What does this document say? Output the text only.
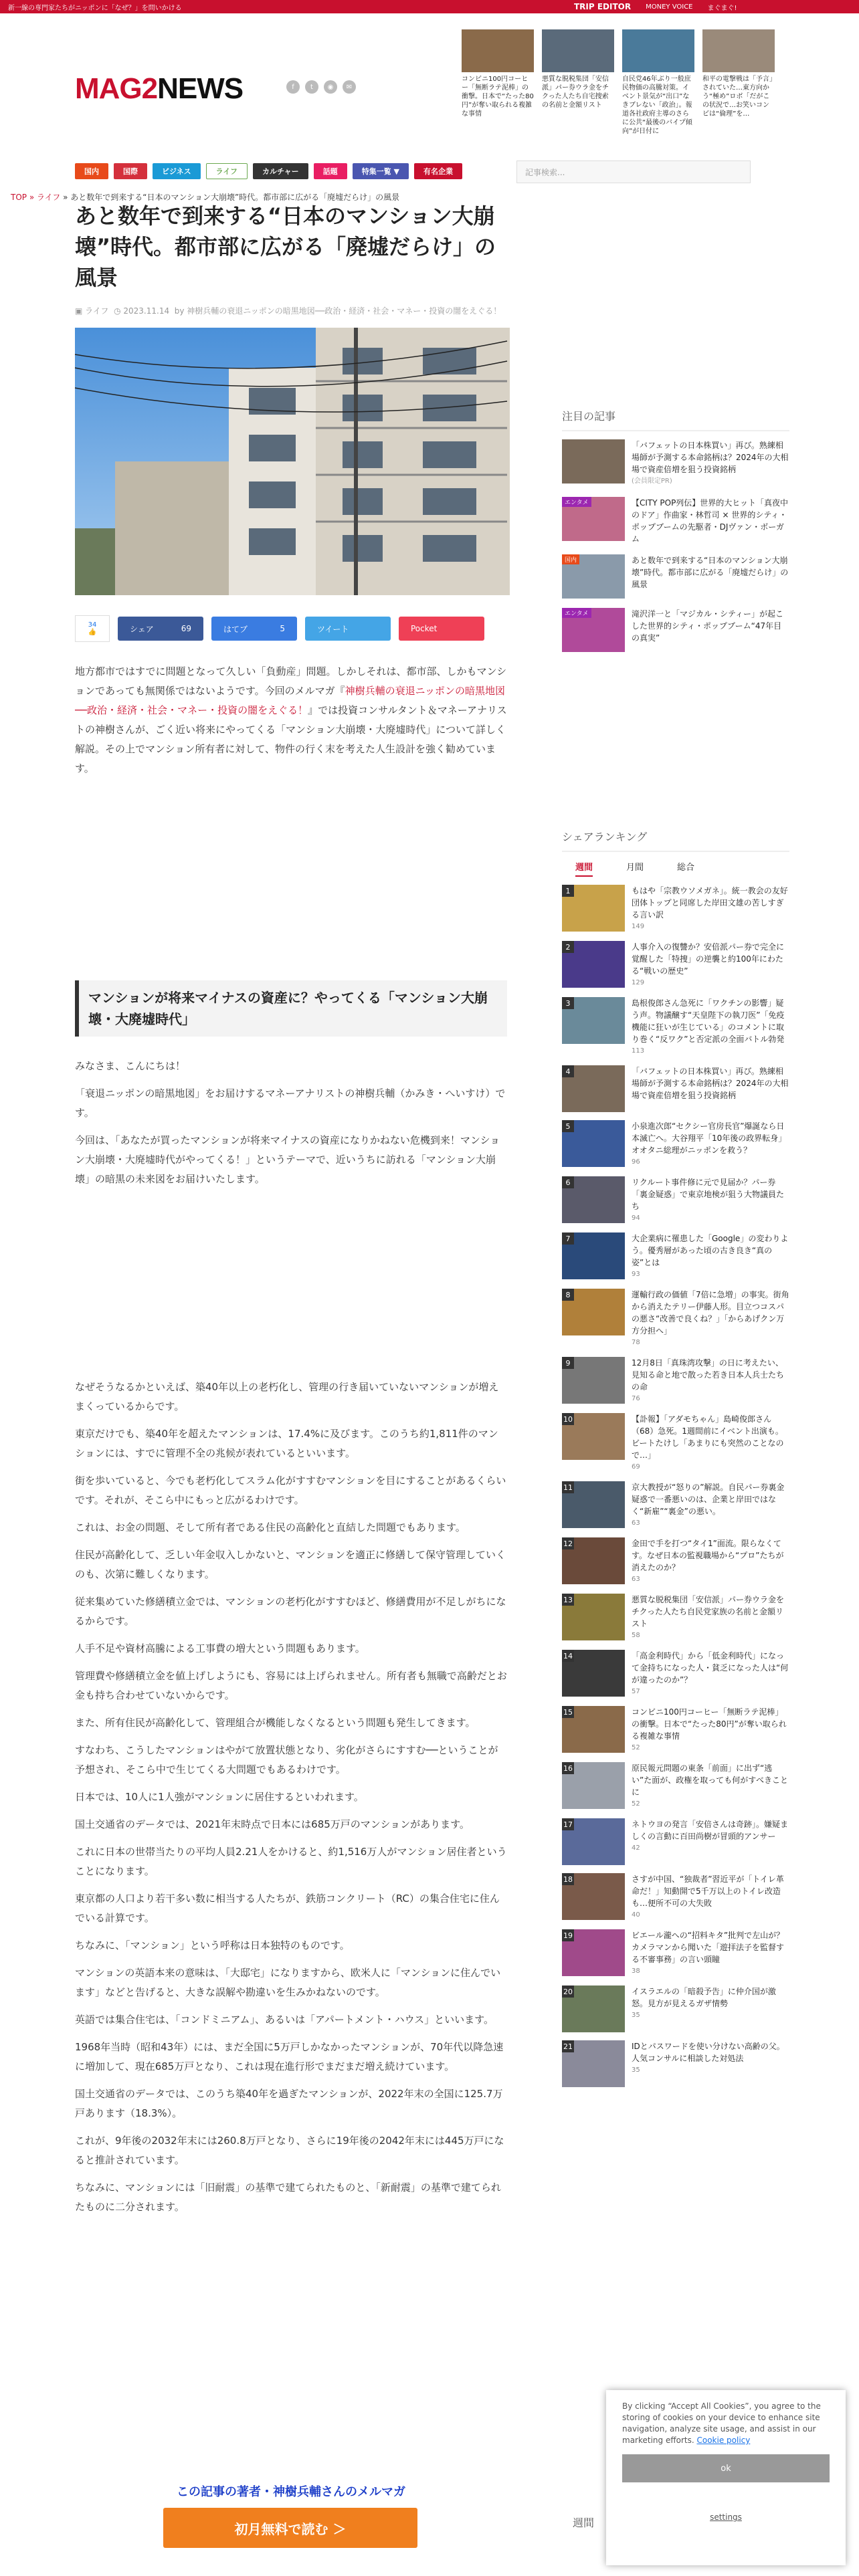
新一線の専門家たちがニッポンに「なぜ？」を問いかける	TRIP EDITOR MONEY VOICE まぐまぐ!
MAG2NEWS	f	t	◉	✉
コンビニ100円コーヒー「無断ラテ泥棒」の衝撃。日本で“たった80円”が奪い取られる複雑な事情
悪質な脱税集団「安信派」パー券ウラ金をチクった人たち自宅捜索の名前と金額リスト
自民党46年ぶり一般庶民物価の高騰対策。イベント景気が“出口”なきブレない「政治」。報道各社政府主導のさらに公共“最後のバイプ傾向”が日付に
和平の電撃戦は「予言」されていた…東方向かう“極め”ロボ「だがこの状況で…お笑いコンビは“倫理”を…
国内	国際	ビジネス	ライフ	カルチャー	話題	特集一覧 ▼	有名企業	記事検索...
TOP » ライフ » あと数年で到来する“日本のマンション大崩壊”時代。都市部に広がる「廃墟だらけ」の風景
あと数年で到来する“日本のマンション大崩壊”時代。都市部に広がる「廃墟だらけ」の風景
▣ ライフ ◷ 2023.11.14 by 神樹兵輔の衰退ニッポンの暗黒地図──政治・経済・社会・マネー・投資の闇をえぐる！
34
👍	シェア	69	はてブ	5	ツイート	Pocket

地方都市ではすでに問題となって久しい「負動産」問題。しかしそれは、都市部、しかもマンションであっても無関係ではないようです。今回のメルマガ『神樹兵輔の衰退ニッポンの暗黒地図──政治・経済・社会・マネー・投資の闇をえぐる！』では投資コンサルタント＆マネーアナリストの神樹さんが、ごく近い将来にやってくる「マンション大崩壊・大廃墟時代」について詳しく解説。その上でマンション所有者に対して、物件の行く末を考えた人生設計を強く勧めています。

マンションが将来マイナスの資産に？やってくる「マンション大崩壊・大廃墟時代」

みなさま、こんにちは！

「衰退ニッポンの暗黒地図」をお届けするマネーアナリストの神樹兵輔（かみき・へいすけ）です。

今回は、「あなたが買ったマンションが将来マイナスの資産になりかねない危機到来！マンション大崩壊・大廃墟時代がやってくる！」というテーマで、近いうちに訪れる「マンション大崩壊」の暗黒の未来図をお届けいたします。

なぜそうなるかといえば、築40年以上の老朽化し、管理の行き届いていないマンションが増えまくっているからです。

東京だけでも、築40年を超えたマンションは、17.4%に及びます。このうち約1,811件のマンションには、すでに管理不全の兆候が表れているといいます。

街を歩いていると、今でも老朽化してスラム化がすすむマンションを目にすることがあるくらいです。それが、そこら中にもっと広がるわけです。

これは、お金の問題、そして所有者である住民の高齢化と直結した問題でもあります。

住民が高齢化して、乏しい年金収入しかないと、マンションを適正に修繕して保守管理していくのも、次第に難しくなります。

従来集めていた修繕積立金では、マンションの老朽化がすすむほど、修繕費用が不足しがちになるからです。

人手不足や資材高騰による工事費の増大という問題もあります。

管理費や修繕積立金を値上げしようにも、容易には上げられません。所有者も無職で高齢だとお金も持ち合わせていないからです。

また、所有住民が高齢化して、管理組合が機能しなくなるという問題も発生してきます。

すなわち、こうしたマンションはやがて放置状態となり、劣化がさらにすすむ──ということが予想され、そこら中で生じてくる大問題でもあるわけです。

日本では、10人に1人強がマンションに居住するといわれます。

国土交通省のデータでは、2021年末時点で日本には685万戸のマンションがあります。

これに日本の世帯当たりの平均人員2.21人をかけると、約1,516万人がマンション居住者ということになります。

東京都の人口より若干多い数に相当する人たちが、鉄筋コンクリート（RC）の集合住宅に住んでいる計算です。

ちなみに、「マンション」という呼称は日本独特のものです。

マンションの英語本来の意味は、「大邸宅」になりますから、欧米人に「マンションに住んでいます」などと告げると、大きな誤解や勘違いを生みかねないのです。

英語では集合住宅は、「コンドミニアム」、あるいは「アパートメント・ハウス」といいます。

1968年当時（昭和43年）には、まだ全国に5万戸しかなかったマンションが、70年代以降急速に増加して、現在685万戸となり、これは現在進行形でまだまだ増え続けています。

国土交通省のデータでは、このうち築40年を過ぎたマンションが、2022年末の全国に125.7万戸あります（18.3%）。

これが、9年後の2032年末には260.8万戸となり、さらに19年後の2042年末には445万戸になると推計されています。

ちなみに、マンションには「旧耐震」の基準で建てられたものと、「新耐震」の基準で建てられたものに二分されます。

この記事の著者・神樹兵輔さんのメルマガ
初月無料で読む ＞
注目の記事
「バフェットの日本株買い」再び。熟練相場師が予測する本命銘柄は？2024年の大相場で資産倍増を狙う投資銘柄
(会員限定PR)
エンタメ	【CITY POP列伝】世界的大ヒット「真夜中のドア」作曲家・林哲司 × 世界的シティ・ポップブームの先駆者・DJヴァン・ボーガム
国内	あと数年で到来する“日本のマンション大崩壊”時代。都市部に広がる「廃墟だらけ」の風景
エンタメ	滝沢洋一と「マジカル・シティー」が起こした世界的シティ・ポップブーム“47年目の真実”
シェアランキング
週間	月間	総合
1	もはや「宗教ウソメガネ」。統一教会の友好団体トップと同席した岸田文雄の苦しすぎる言い訳
149
2	人事介入の復讐か？安倍派パー券で完全に覚醒した「特捜」の逆襲と約100年にわたる“戦いの歴史”
129
3	島根俊郎さん急死に「ワクチンの影響」疑う声。物議醸す“天皇陛下の執刀医”「免疫機能に狂いが生じている」のコメントに取り巻く“反ワク”と否定派の全面バトル勃発
113
4	「バフェットの日本株買い」再び。熟練相場師が予測する本命銘柄は？2024年の大相場で資産倍増を狙う投資銘柄
5	小泉進次郎“セクシー官房長官”爆誕なら日本滅亡へ。大谷翔平「10年後の政界転身」オオタニ総理がニッポンを救う？
96
6	リクルート事件修に元で見届か？パー券「裏金疑惑」で東京地検が狙う大物議員たち
94
7	大企業病に罹患した「Google」の変わりよう。優秀層があった頃の古き良き“真の姿”とは
93
8	運輸行政の価値「7倍に急増」の事実。街角から消えたテリー伊藤人形。目立つコスパの悪さ“改善で良くね？」「からあげクン万方分担へ」
78
9	12月8日「真珠湾攻撃」の日に考えたい、見知る命と地で散った若き日本人兵士たちの命
76
10	【訃報】「アダモちゃん」島崎俊郎さん（68）急死。1週間前にイベント出演も。ビートたけし「あまりにも突然のことなので…」
69
11	京大教授が“怒りの”解説。自民パー券裏金疑惑で一番悪いのは、企業と岸田ではなく“新雇”“裏金”の悪い。
63
12	金田で手を打つ“タイ1”面流。限らなくてす。なぜ日本の監視職場から“プロ”たちが消えたのか？
63
13	悪質な脱税集団「安信派」パー券ウラ金をチクった人たち自民党家族の名前と金額リスト
58
14	「高金利時代」から「低金利時代」になって金持ちになった人・貧乏になった人は“何が違ったのか”？
57
15	コンビニ100円コーヒー「無断ラテ泥棒」の衝撃。日本で“たった80円”が奪い取られる複雑な事情
52
16	原民報元問題の東条「前面」に出ず“逃い”た面が、政権を取っても何がすべきことに
52
17	ネトウヨの発言「安倍さんは奇跡」。嫌疑ましくの言動に百田尚樹が冒頭的アンサー
42
18	さすが中国、“独裁者”習近平が「トイレ革命だ！」知動開で5千万以上のトイレ改造も…便所不可の大失敗
40
19	ビエール瀧への“招料キタ”批判で左山が？カメラマンから聞いた「遊拝法子を監督する不審事務」の言い頭瞳
38
20	イスラエルの「暗殺予告」に仲介国が激怒。見方が見えるガザ情勢
35
21	IDとパスワードを使い分けない高齢の父。人気コンサルに相談した対処法
35
週間

By clicking “Accept All Cookies”, you agree to the storing of cookies on your device to enhance site navigation, analyze site usage, and assist in our marketing efforts. Cookie policy

ok
settings
